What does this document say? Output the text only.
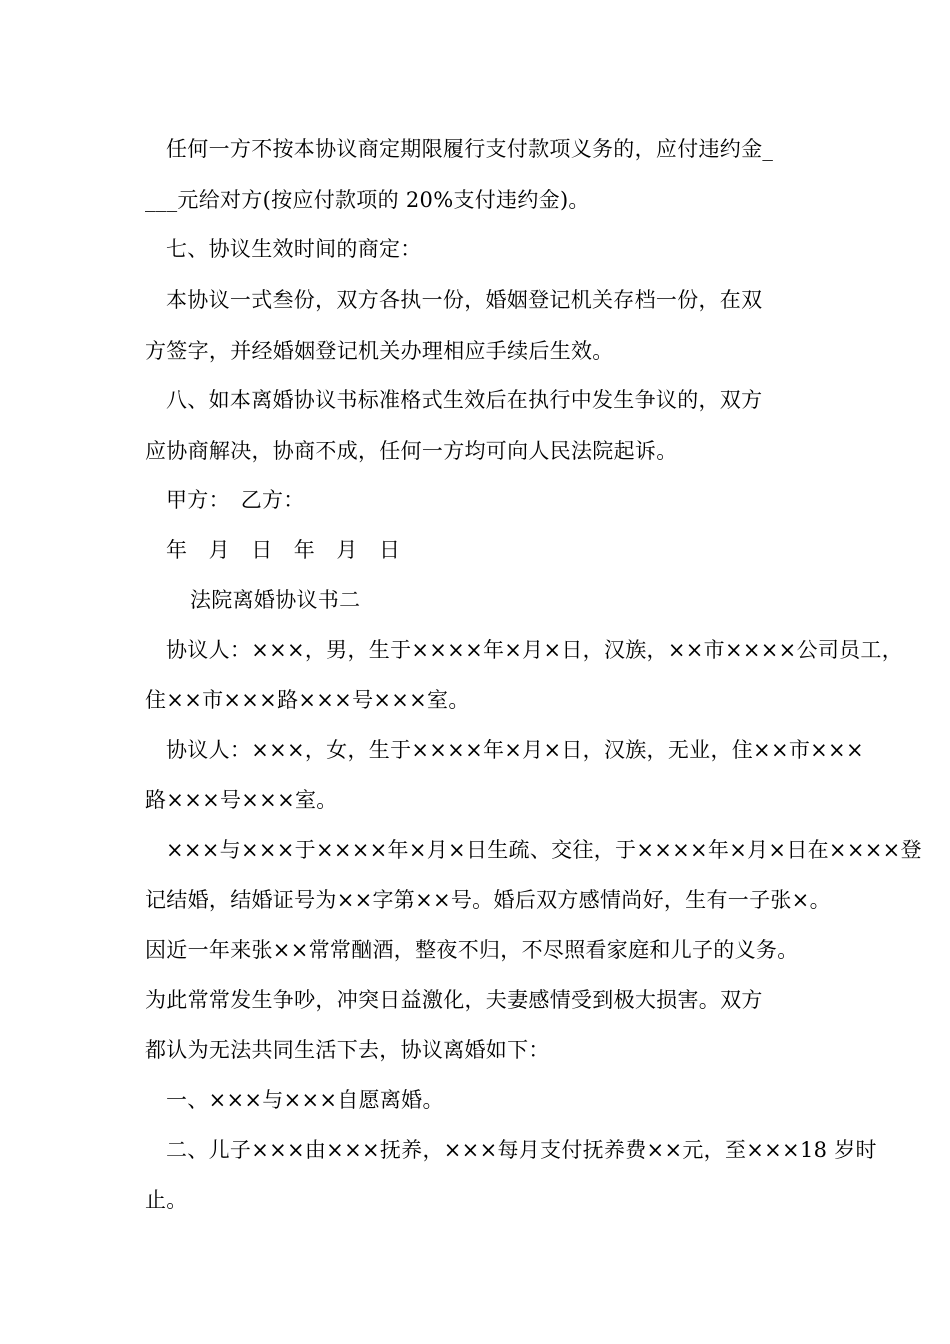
任何一方不按本协议商定期限履行支付款项义务的，应付违约金_
___元给对方(按应付款项的 20%支付违约金)。
七、协议生效时间的商定：
本协议一式叁份，双方各执一份，婚姻登记机关存档一份，在双
方签字，并经婚姻登记机关办理相应手续后生效。
八、如本离婚协议书标准格式生效后在执行中发生争议的，双方
应协商解决，协商不成，任何一方均可向人民法院起诉。
甲方：　乙方：
年　月　日　年　月　日
法院离婚协议书二
协议人：×××，男，生于××××年×月×日，汉族，××市××××公司员工，
住××市×××路×××号×××室。
协议人：×××，女，生于××××年×月×日，汉族，无业，住××市×××
路×××号×××室。
×××与×××于××××年×月×日生疏、交往，于××××年×月×日在××××登
记结婚，结婚证号为××字第××号。婚后双方感情尚好，生有一子张×。
因近一年来张××常常酗酒，整夜不归，不尽照看家庭和儿子的义务。
为此常常发生争吵，冲突日益激化，夫妻感情受到极大损害。双方
都认为无法共同生活下去，协议离婚如下：
一、×××与×××自愿离婚。
二、儿子×××由×××抚养，×××每月支付抚养费××元，至×××18 岁时
止。
